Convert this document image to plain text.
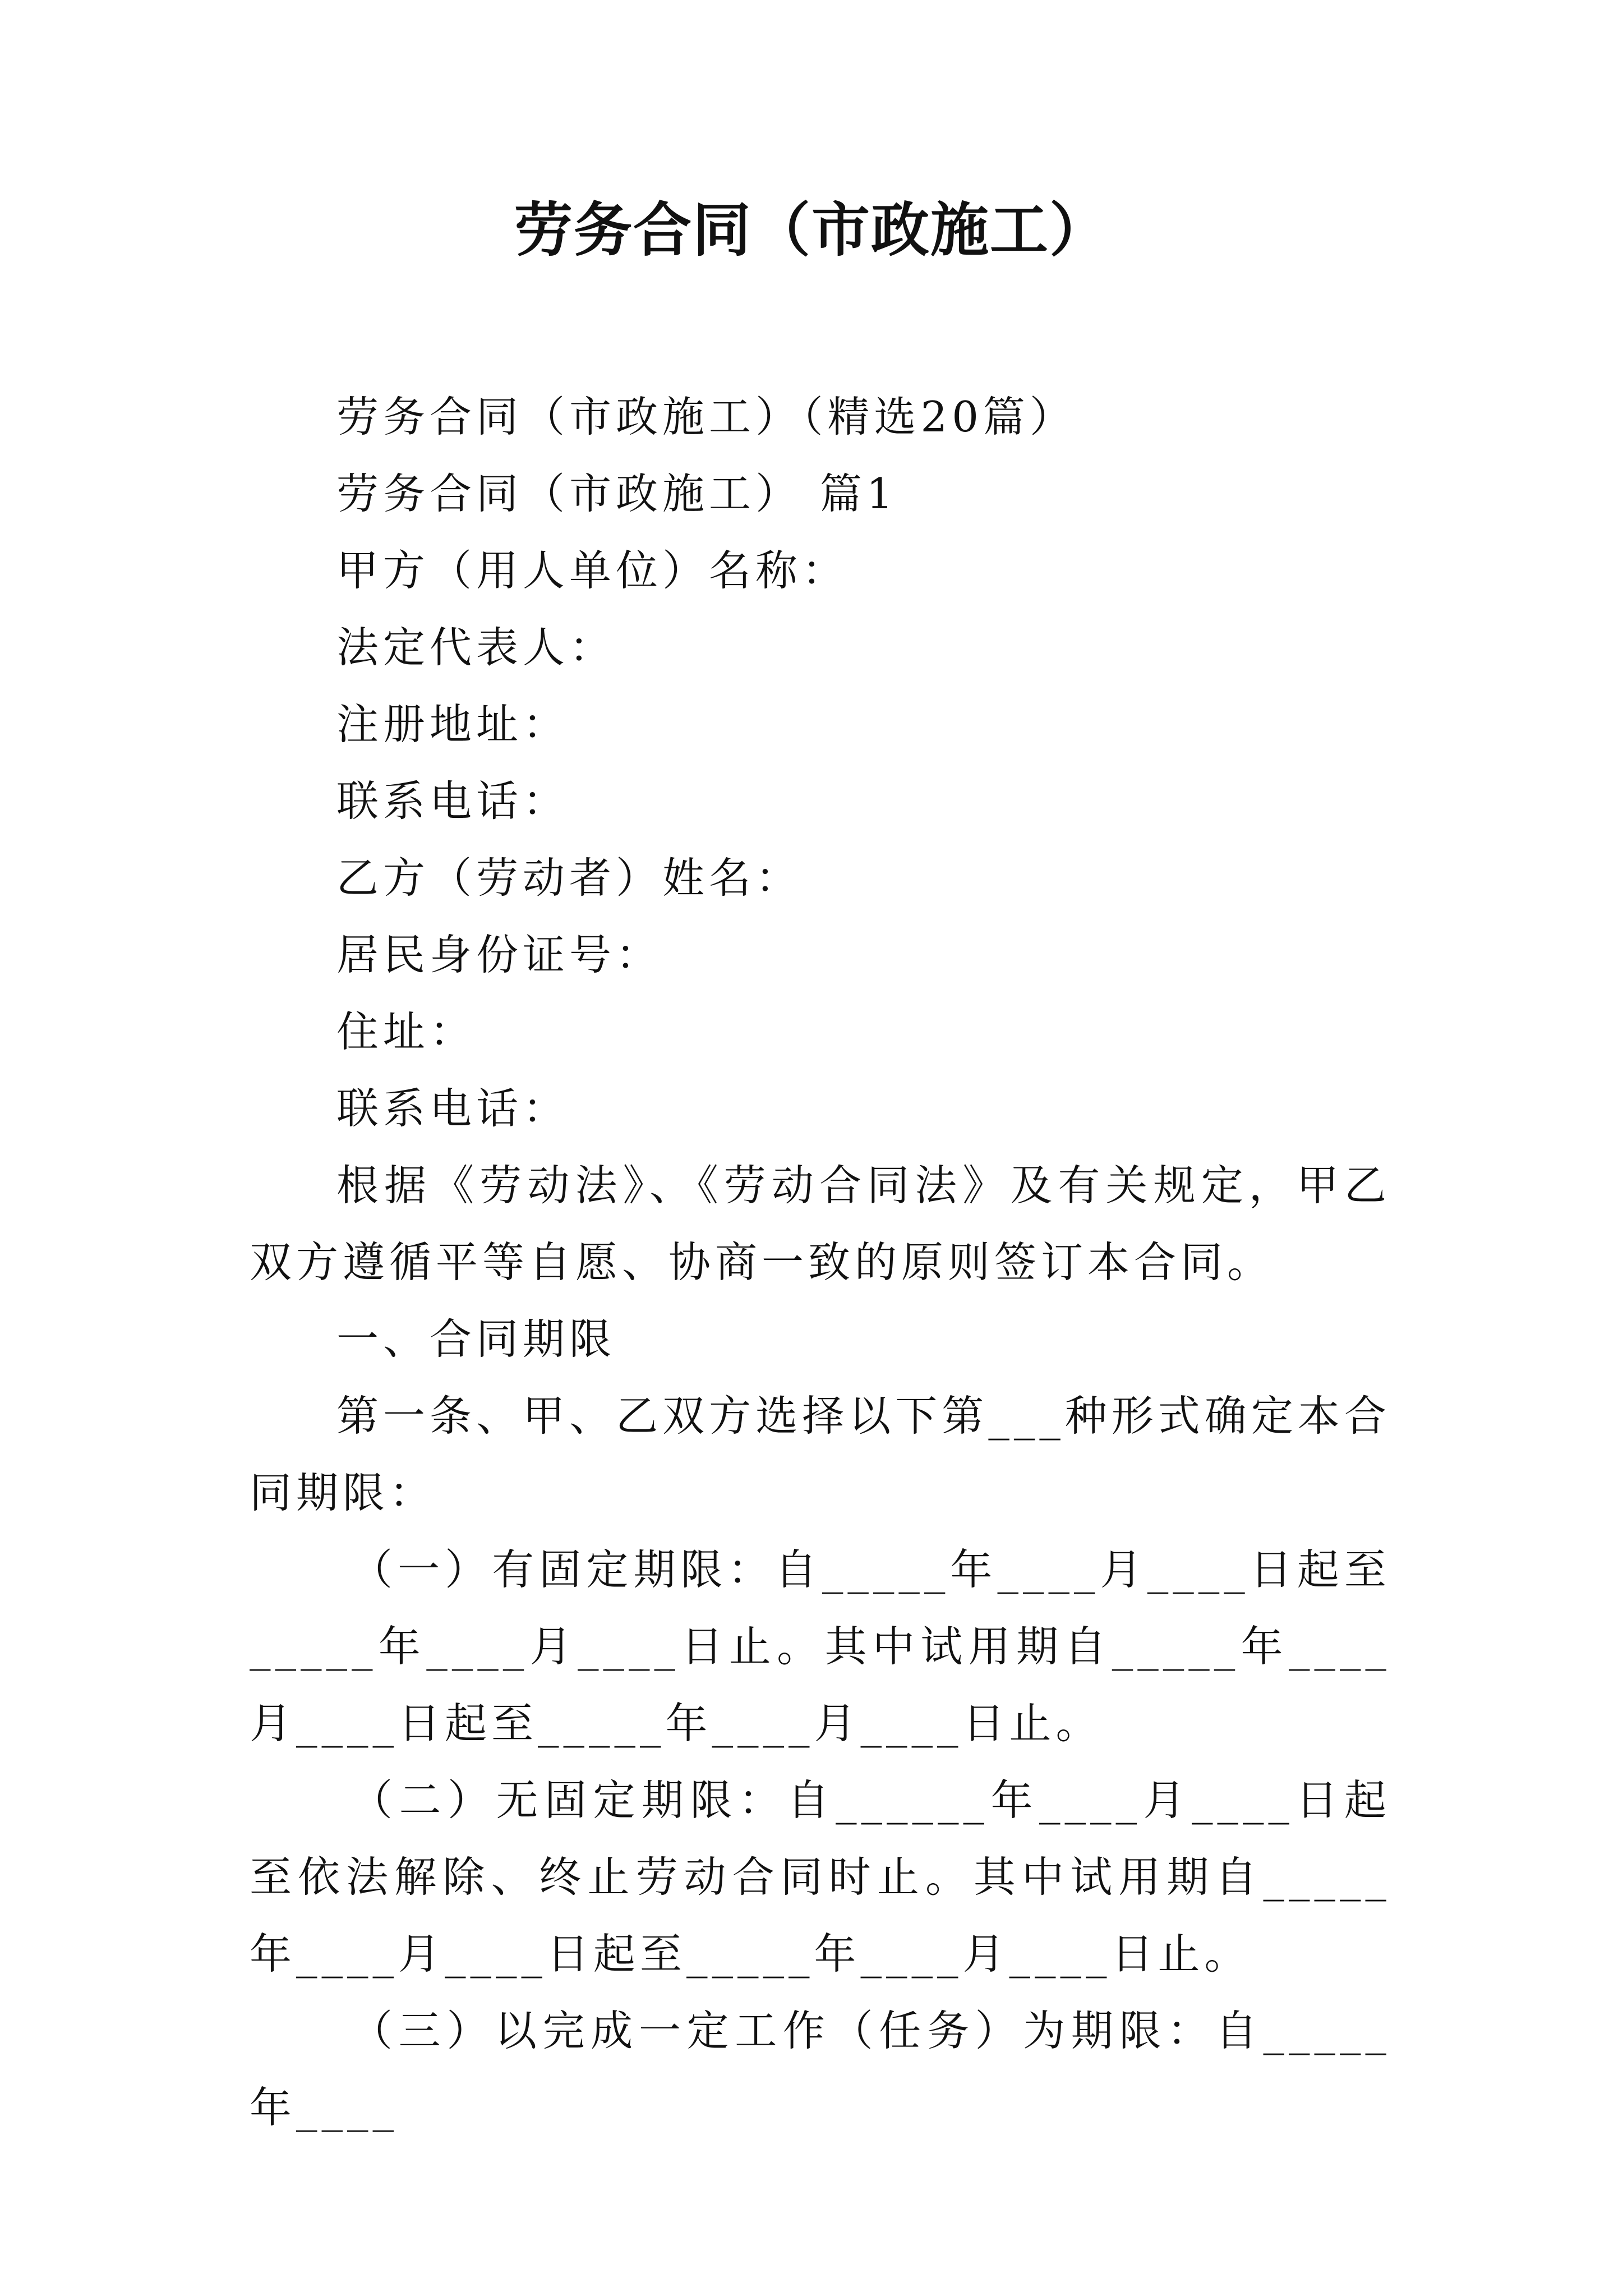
劳务合同（市政施工）

劳务合同（市政施工）（精选20篇）

劳务合同（市政施工） 篇1

甲方（用人单位）名称：

法定代表人：

注册地址：

联系电话：

乙方（劳动者）姓名：

居民身份证号：

住址：

联系电话：

根据《劳动法》、《劳动合同法》及有关规定，甲乙双方遵循平等自愿、协商一致的原则签订本合同。

一、合同期限

第一条、甲、乙双方选择以下第___种形式确定本合同期限：

（一）有固定期限：自_____年____月____日起至_____年____月____日止。其中试用期自_____年____月____日起至_____年____月____日止。

（二）无固定期限：自______年____月____日起至依法解除、终止劳动合同时止。其中试用期自_____年____月____日起至_____年____月____日止。

（三）以完成一定工作（任务）为期限：自_____年____
